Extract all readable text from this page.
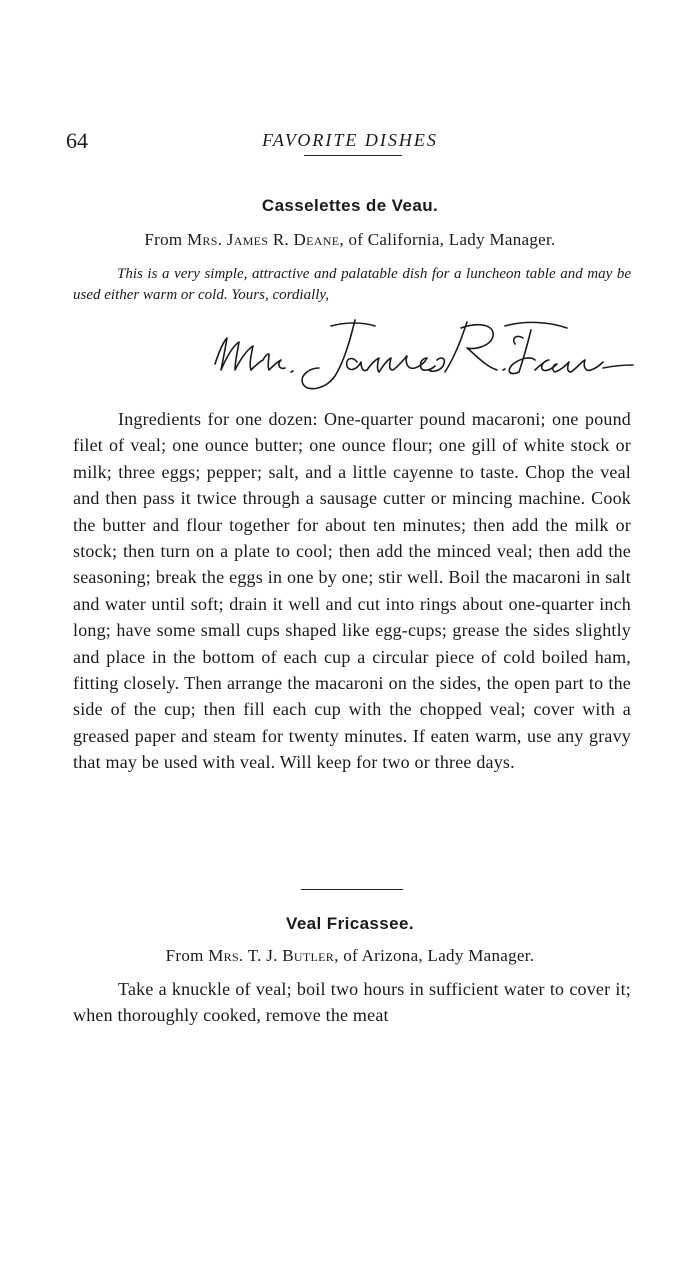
64	FAVORITE DISHES
Casselettes de Veau.
From Mrs. James R. Deane, of California, Lady Manager.
This is a very simple, attractive and palatable dish for a luncheon table and may be used either warm or cold. Yours, cordially,
Ingredients for one dozen: One-quarter pound macaroni; one pound filet of veal; one ounce butter; one ounce flour; one gill of white stock or milk; three eggs; pepper; salt, and a little cayenne to taste. Chop the veal and then pass it twice through a sausage cutter or mincing machine. Cook the butter and flour together for about ten minutes; then add the milk or stock; then turn on a plate to cool; then add the minced veal; then add the seasoning; break the eggs in one by one; stir well. Boil the macaroni in salt and water until soft; drain it well and cut into rings about one-quarter inch long; have some small cups shaped like egg-cups; grease the sides slightly and place in the bottom of each cup a circular piece of cold boiled ham, fitting closely. Then arrange the macaroni on the sides, the open part to the side of the cup; then fill each cup with the chopped veal; cover with a greased paper and steam for twenty minutes. If eaten warm, use any gravy that may be used with veal. Will keep for two or three days.
Veal Fricassee.
From Mrs. T. J. Butler, of Arizona, Lady Manager.
Take a knuckle of veal; boil two hours in sufficient water to cover it; when thoroughly cooked, remove the meat
